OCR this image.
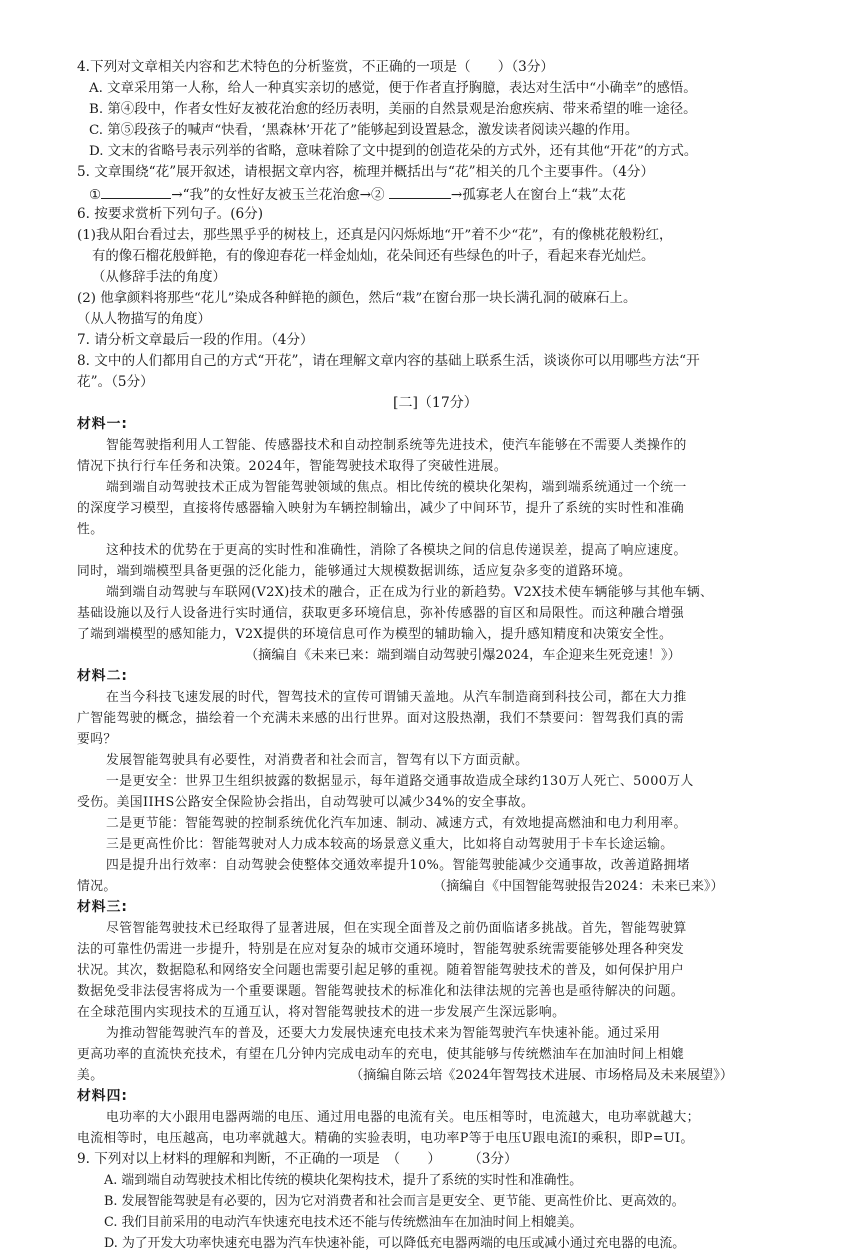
4.下列对文章相关内容和艺术特色的分析鉴赏，不正确的一项是（　　）（3分）
A. 文章采用第一人称，给人一种真实亲切的感觉，便于作者直抒胸臆，表达对生活中“小确幸”的感悟。
B. 第④段中，作者女性好友被花治愈的经历表明，美丽的自然景观是治愈疾病、带来希望的唯一途径。
C. 第⑤段孩子的喊声“快看，‘黑森林’开花了”能够起到设置悬念，激发读者阅读兴趣的作用。
D. 文末的省略号表示列举的省略，意味着除了文中提到的创造花朵的方式外，还有其他“开花”的方式。
5. 文章围绕“花”展开叙述，请根据文章内容，梳理并概括出与“花”相关的几个主要事件。（4分）
①	→“我”的女性好友被玉兰花治愈→②	→孤寡老人在窗台上“栽”太花
6. 按要求赏析下列句子。(6分)
(1)我从阳台看过去，那些黑乎乎的树枝上，还真是闪闪烁烁地“开”着不少“花”，有的像桃花般粉红，
有的像石榴花般鲜艳，有的像迎春花一样金灿灿，花朵间还有些绿色的叶子，看起来春光灿烂。
（从修辞手法的角度）
(2) 他拿颜料将那些“花儿”染成各种鲜艳的颜色，然后“栽”在窗台那一块长满孔洞的破麻石上。
（从人物描写的角度）
7. 请分析文章最后一段的作用。（4分）
8. 文中的人们都用自己的方式“开花”，请在理解文章内容的基础上联系生活，谈谈你可以用哪些方法“开
花”。（5分）
[二]（17分）
材料一:
智能驾驶指利用人工智能、传感器技术和自动控制系统等先进技术，使汽车能够在不需要人类操作的
情况下执行行车任务和决策。2024年，智能驾驶技术取得了突破性进展。
端到端自动驾驶技术正成为智能驾驶领域的焦点。相比传统的模块化架构，端到端系统通过一个统一
的深度学习模型，直接将传感器输入映射为车辆控制输出，减少了中间环节，提升了系统的实时性和准确
性。
这种技术的优势在于更高的实时性和准确性，消除了各模块之间的信息传递误差，提高了响应速度。
同时，端到端模型具备更强的泛化能力，能够通过大规模数据训练，适应复杂多变的道路环境。
端到端自动驾驶与车联网(V2X)技术的融合，正在成为行业的新趋势。V2X技术使车辆能够与其他车辆、
基础设施以及行人设备进行实时通信，获取更多环境信息，弥补传感器的盲区和局限性。而这种融合增强
了端到端模型的感知能力，V2X提供的环境信息可作为模型的辅助输入，提升感知精度和决策安全性。
（摘编自《未来已来：端到端自动驾驶引爆2024，车企迎来生死竞速！》）
材料二:
在当今科技飞速发展的时代，智驾技术的宣传可谓铺天盖地。从汽车制造商到科技公司，都在大力推
广智能驾驶的概念，描绘着一个充满未来感的出行世界。面对这股热潮，我们不禁要问：智驾我们真的需
要吗？
发展智能驾驶具有必要性，对消费者和社会而言，智驾有以下方面贡献。
一是更安全：世界卫生组织披露的数据显示，每年道路交通事故造成全球约130万人死亡、5000万人
受伤。美国IIHS公路安全保险协会指出，自动驾驶可以减少34%的安全事故。
二是更节能：智能驾驶的控制系统优化汽车加速、制动、减速方式，有效地提高燃油和电力利用率。
三是更高性价比：智能驾驶对人力成本较高的场景意义重大，比如将自动驾驶用于卡车长途运输。
四是提升出行效率：自动驾驶会使整体交通效率提升10%。智能驾驶能减少交通事故，改善道路拥堵
情况。	（摘编自《中国智能驾驶报告2024：未来已来》）
材料三:
尽管智能驾驶技术已经取得了显著进展，但在实现全面普及之前仍面临诸多挑战。首先，智能驾驶算
法的可靠性仍需进一步提升，特别是在应对复杂的城市交通环境时，智能驾驶系统需要能够处理各种突发
状况。其次，数据隐私和网络安全问题也需要引起足够的重视。随着智能驾驶技术的普及，如何保护用户
数据免受非法侵害将成为一个重要课题。智能驾驶技术的标准化和法律法规的完善也是亟待解决的问题。
在全球范围内实现技术的互通互认，将对智能驾驶技术的进一步发展产生深远影响。
为推动智能驾驶汽车的普及，还要大力发展快速充电技术来为智能驾驶汽车快速补能。通过采用
更高功率的直流快充技术，有望在几分钟内完成电动车的充电，使其能够与传统燃油车在加油时间上相媲
美。	（摘编自陈云培《2024年智驾技术进展、市场格局及未来展望》）
材料四:
电功率的大小跟用电器两端的电压、通过用电器的电流有关。电压相等时，电流越大，电功率就越大；
电流相等时，电压越高，电功率就越大。精确的实验表明，电功率P等于电压U跟电流I的乘积，即P=UI。
9. 下列对以上材料的理解和判断，不正确的一项是　（　　）　　　（3分）
A. 端到端自动驾驶技术相比传统的模块化架构技术，提升了系统的实时性和准确性。
B. 发展智能驾驶是有必要的，因为它对消费者和社会而言是更安全、更节能、更高性价比、更高效的。
C. 我们目前采用的电动汽车快速充电技术还不能与传统燃油车在加油时间上相媲美。
D. 为了开发大功率快速充电器为汽车快速补能，可以降低充电器两端的电压或减小通过充电器的电流。
